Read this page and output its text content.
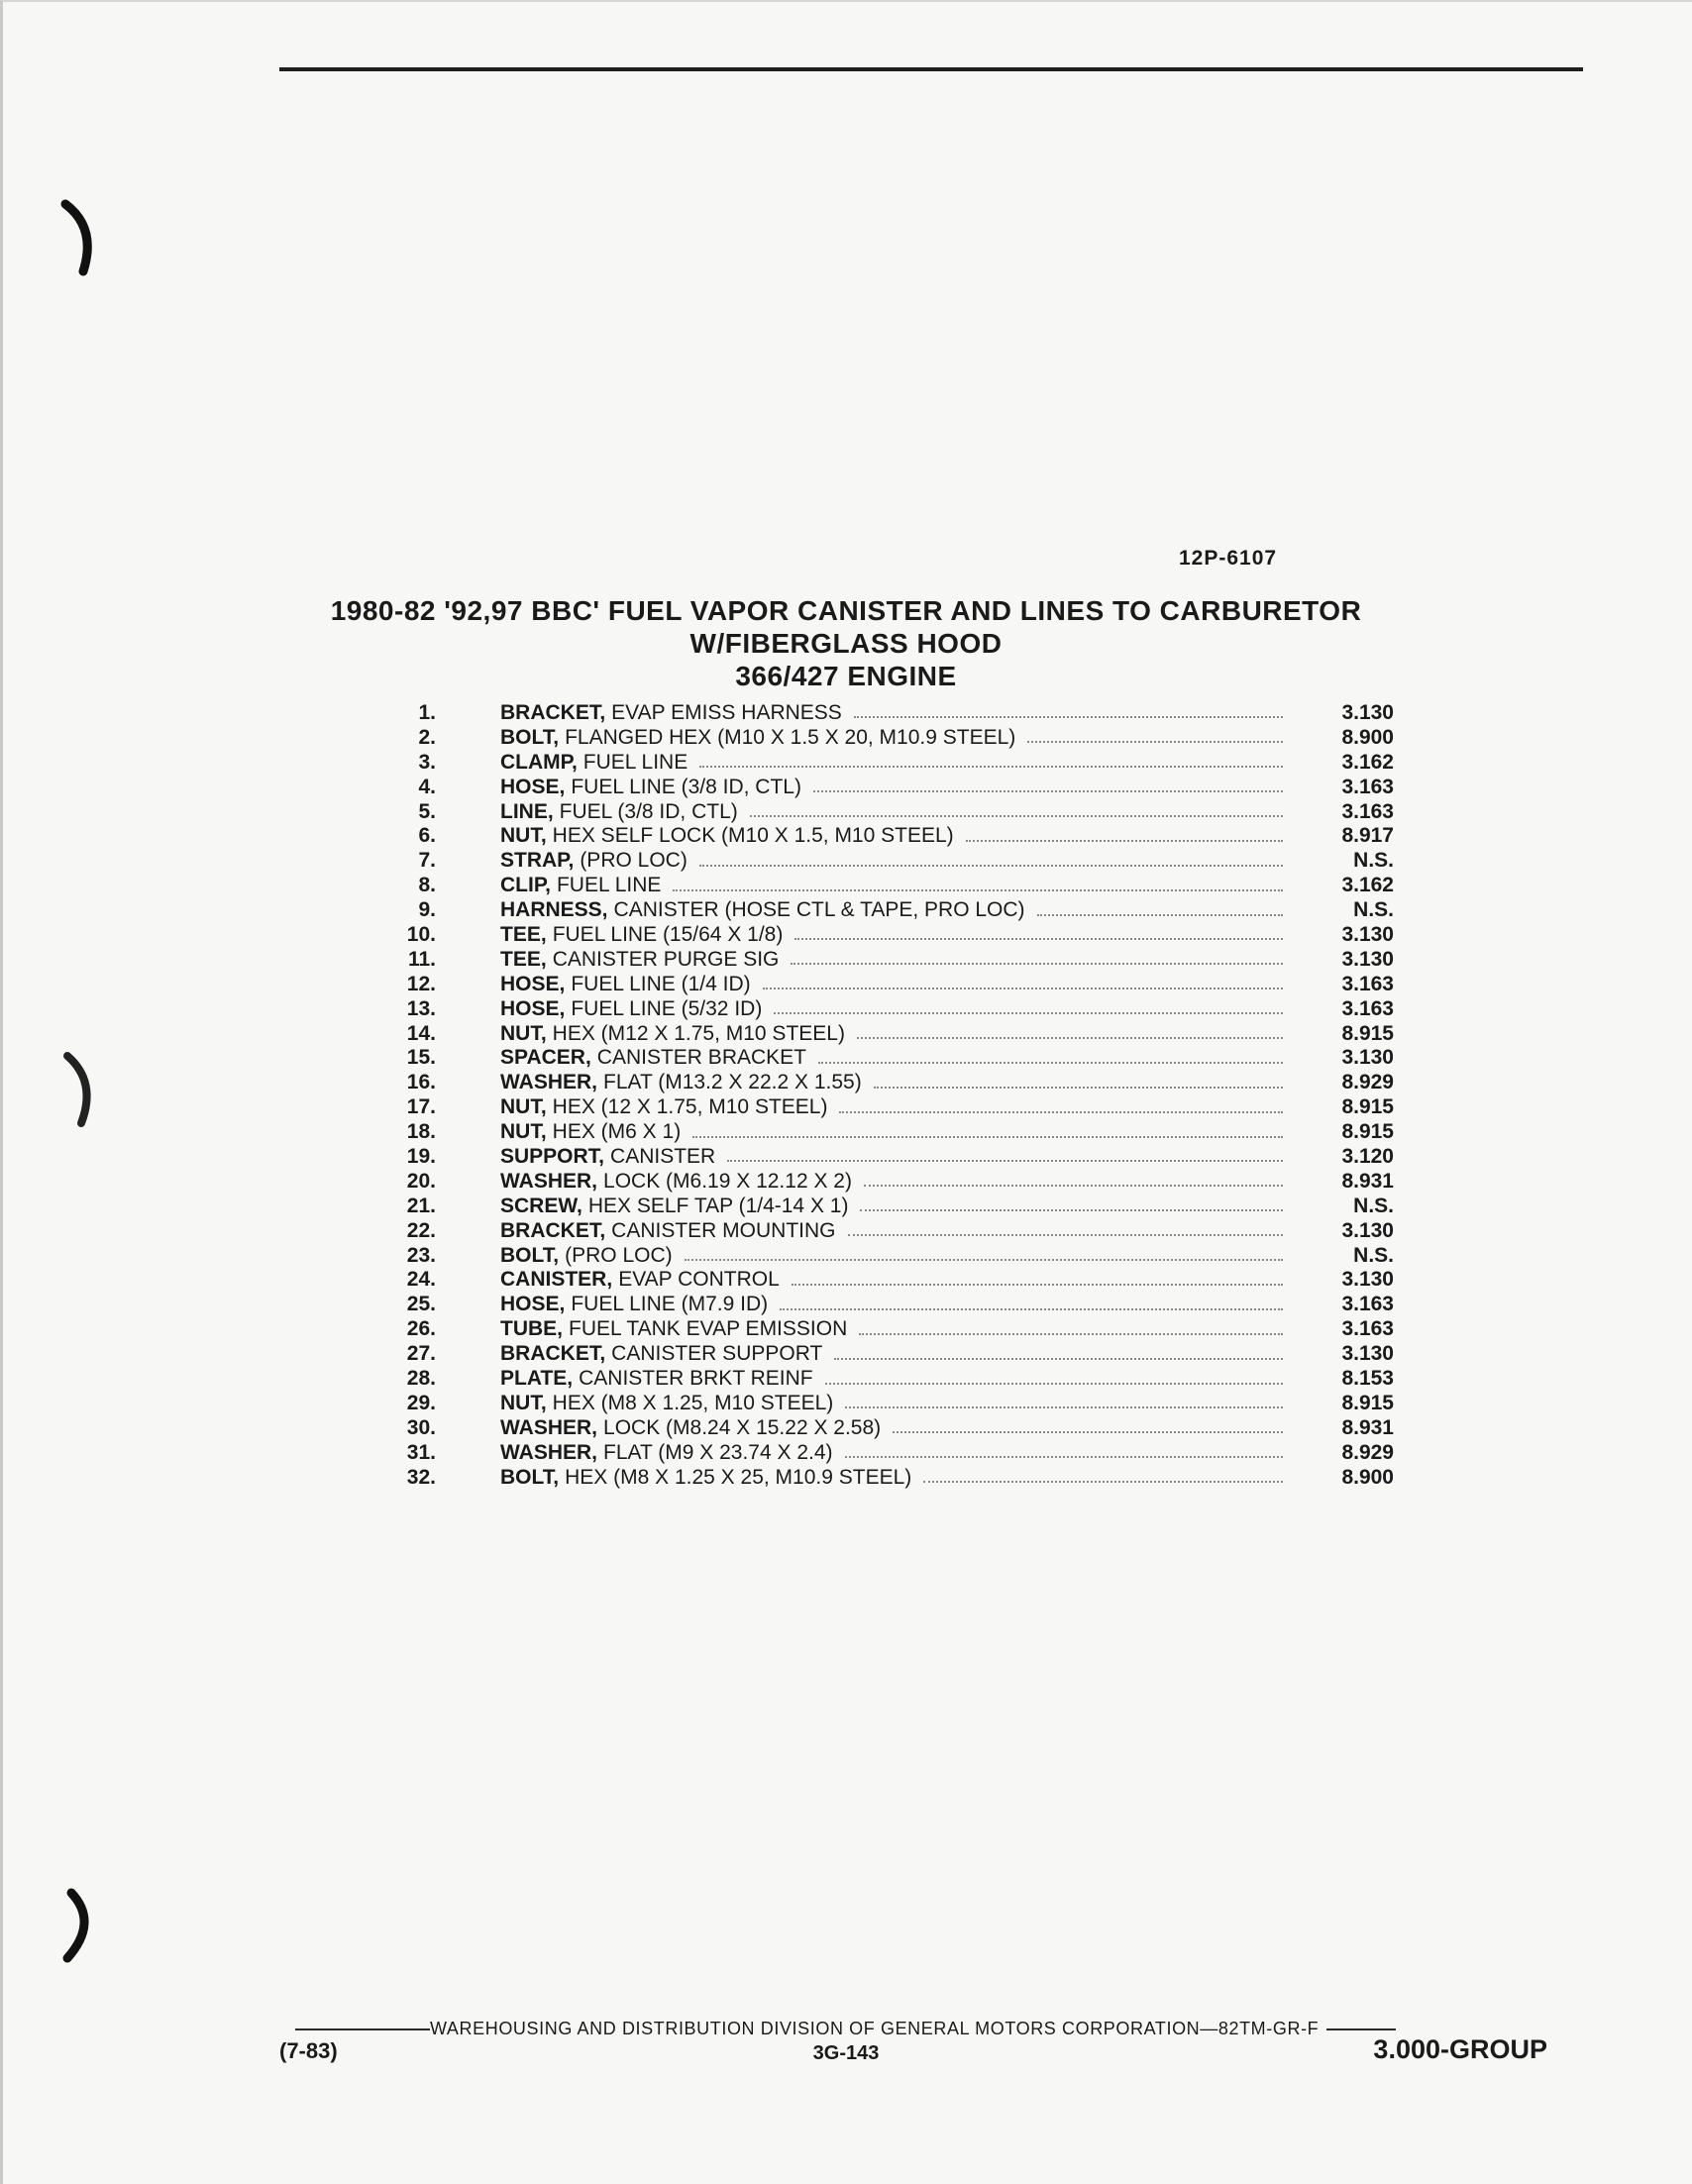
12P-6107
1980-82 '92,97 BBC' FUEL VAPOR CANISTER AND LINES TO CARBURETOR
W/FIBERGLASS HOOD
366/427 ENGINE
1.	BRACKET, EVAP EMISS HARNESS	3.130
2.	BOLT, FLANGED HEX (M10 X 1.5 X 20, M10.9 STEEL)	8.900
3.	CLAMP, FUEL LINE	3.162
4.	HOSE, FUEL LINE (3/8 ID, CTL)	3.163
5.	LINE, FUEL (3/8 ID, CTL)	3.163
6.	NUT, HEX SELF LOCK (M10 X 1.5, M10 STEEL)	8.917
7.	STRAP, (PRO LOC)	N.S.
8.	CLIP, FUEL LINE	3.162
9.	HARNESS, CANISTER (HOSE CTL & TAPE, PRO LOC)	N.S.
10.	TEE, FUEL LINE (15/64 X 1/8)	3.130
11.	TEE, CANISTER PURGE SIG	3.130
12.	HOSE, FUEL LINE (1/4 ID)	3.163
13.	HOSE, FUEL LINE (5/32 ID)	3.163
14.	NUT, HEX (M12 X 1.75, M10 STEEL)	8.915
15.	SPACER, CANISTER BRACKET	3.130
16.	WASHER, FLAT (M13.2 X 22.2 X 1.55)	8.929
17.	NUT, HEX (12 X 1.75, M10 STEEL)	8.915
18.	NUT, HEX (M6 X 1)	8.915
19.	SUPPORT, CANISTER	3.120
20.	WASHER, LOCK (M6.19 X 12.12 X 2)	8.931
21.	SCREW, HEX SELF TAP (1/4-14 X 1)	N.S.
22.	BRACKET, CANISTER MOUNTING	3.130
23.	BOLT, (PRO LOC)	N.S.
24.	CANISTER, EVAP CONTROL	3.130
25.	HOSE, FUEL LINE (M7.9 ID)	3.163
26.	TUBE, FUEL TANK EVAP EMISSION	3.163
27.	BRACKET, CANISTER SUPPORT	3.130
28.	PLATE, CANISTER BRKT REINF	8.153
29.	NUT, HEX (M8 X 1.25, M10 STEEL)	8.915
30.	WASHER, LOCK (M8.24 X 15.22 X 2.58)	8.931
31.	WASHER, FLAT (M9 X 23.74 X 2.4)	8.929
32.	BOLT, HEX (M8 X 1.25 X 25, M10.9 STEEL)	8.900
WAREHOUSING AND DISTRIBUTION DIVISION OF GENERAL MOTORS CORPORATION—82TM-GR-F
(7-83)	3G-143	3.000-GROUP
